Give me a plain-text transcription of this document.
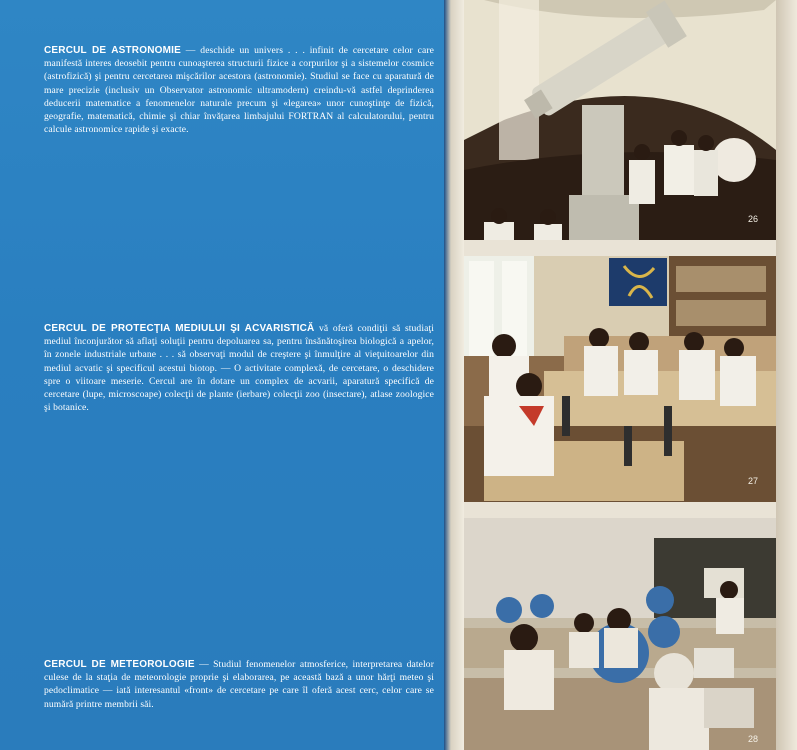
CERCUL DE ASTRONOMIE — deschide un univers . . . infinit de cercetare celor care manifestă interes deosebit pentru cunoaşterea structurii fizice a corpurilor şi a sistemelor cosmice (astrofizică) şi pentru cercetarea mişcărilor acestora (astronomie). Studiul se face cu aparatură de mare precizie (inclusiv un Observator astronomic ultramodern) creindu-vă astfel deprinderea deducerii matematice a fenomenelor naturale precum şi «legarea» unor cunoştinţe de fizică, geografie, matematică, chimie şi chiar învăţarea limbajului FORTRAN al calculatorului, pentru calcule astronomice rapide şi exacte.
CERCUL DE PROTECŢIA MEDIULUI ŞI ACVARISTICĂ vă oferă condiţii să studiaţi mediul înconjurător să aflaţi soluţii pentru depoluarea sa, pentru însănătoşirea biologică a apelor, în zonele industriale urbane . . . să observaţi modul de creştere şi înmulţire al vieţuitoarelor din mediul acvatic şi specificul acestui biotop. — O activitate complexă, de cercetare, o deschidere spre o viitoare meserie. Cercul are în dotare un complex de acvarii, aparatură specifică de cercetare (lupe, microscoape) colecţii de plante (ierbare) colecţii zoo (insectare), atlase zoologice şi botanice.
CERCUL DE METEOROLOGIE — Studiul fenomenelor atmosferice, interpretarea datelor culese de la staţia de meteorologie proprie şi elaborarea, pe această bază a unor hărţi meteo şi pedoclimatice — iată interesantul «front» de cercetare pe care îl oferă acest cerc, celor care se numără printre membrii săi.
26
27
28
